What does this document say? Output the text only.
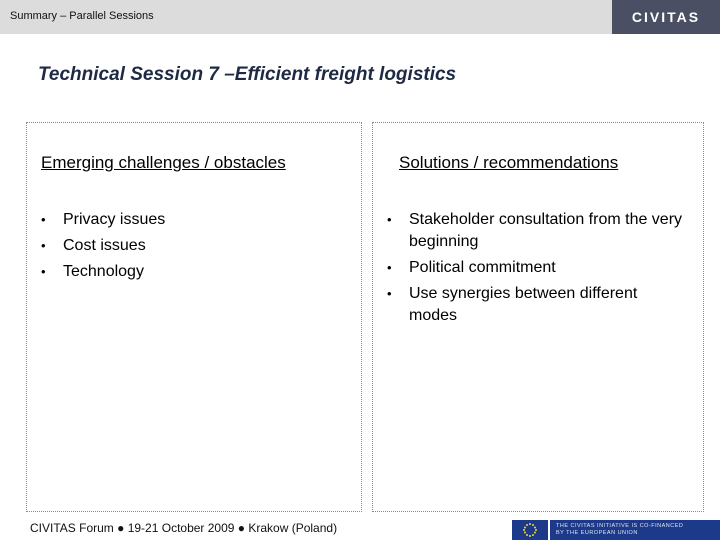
Summary – Parallel Sessions	CIVITAS
Technical Session 7 –Efficient freight logistics
Emerging challenges / obstacles
• Privacy issues
• Cost issues
• Technology
Solutions / recommendations
• Stakeholder consultation from the very beginning
• Political commitment
• Use synergies between different modes
CIVITAS Forum ● 19-21 October 2009 ● Krakow (Poland)	THE CIVITAS INITIATIVE IS CO-FINANCED
BY THE EUROPEAN UNION
